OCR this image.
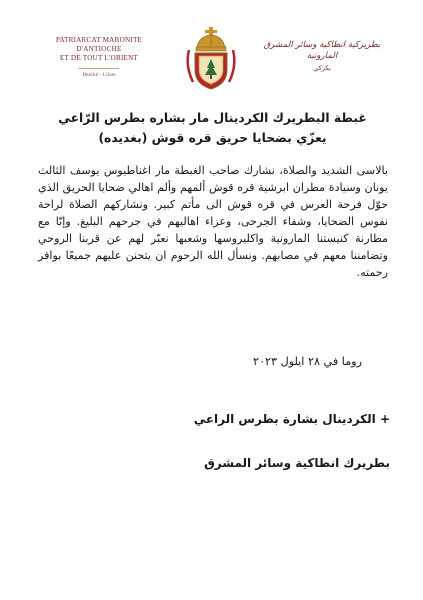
PATRIARCAT MARONITE D'ANTIOCHE
ET DE TOUT L'ORIENT
Bkerké - Liban
بطريركية انطاكية وسائر المشرق المارونية
بكركي
غبطة البطريرك الكردينال مار بشاره بطرس الرّاعي
يعزّي بضحايا حريق قره قوش (بغديده)

بالاسى الشديد والصلاة، نشارك صاحب الغبطة مار اغناطيوس يوسف الثالث يونان وسيادة مطران ابرشية قره قوش ألمهم وألم اهالي ضحايا الحريق الذي حوّل فرحة العرس في قره قوش الى مأتم كبير. ونشاركهم الصلاة لراحة نفوس الضحايا، وشفاء الجرحى، وعزاء اهاليهم في جرحهم البليغ. وإنّا مع مطارنة كنيستنا المارونية واكليروسها وشعبها نعبّر لهم عن قربنا الروحي وتضامننا معهم في مصابهم. ونسأل الله الرحوم ان يتحنن عليهم جميعًا بوافر رحمته.

روما في ٢٨ ايلول ٢٠٢٣
+ الكردينال بشارة بطرس الراعي
بطريرك انطاكية وسائر المشرق
